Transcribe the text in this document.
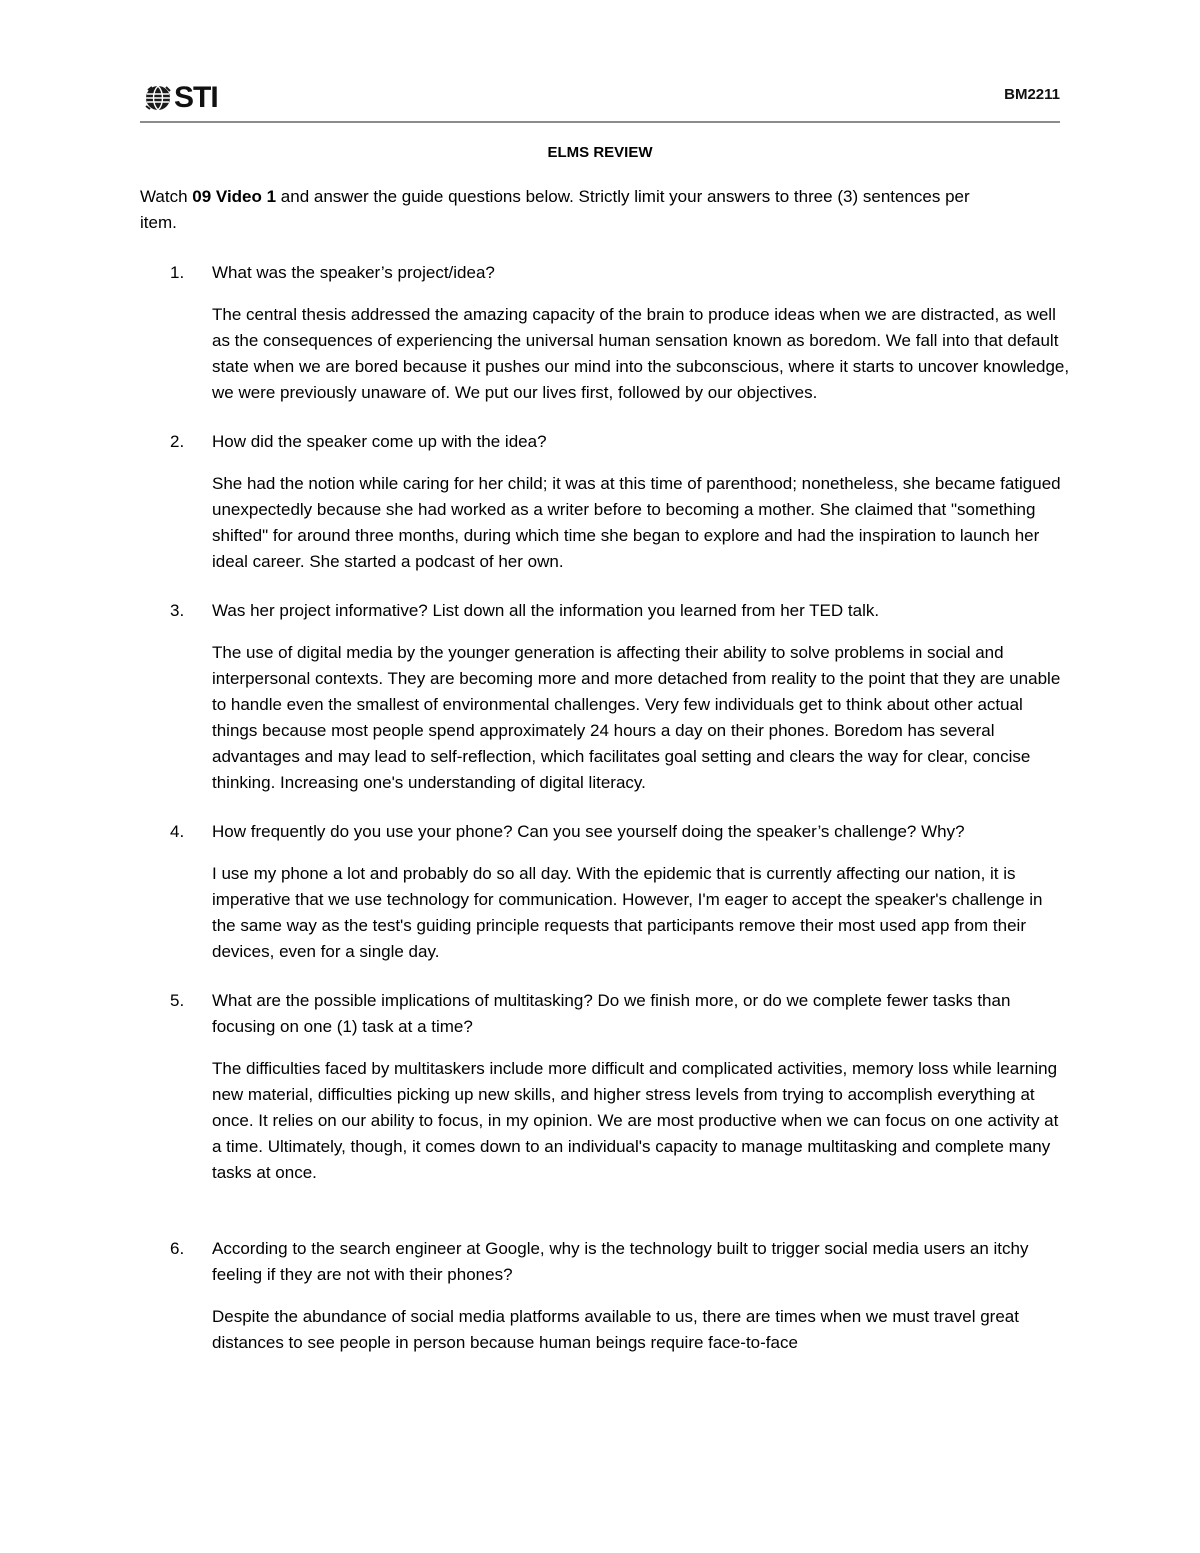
STI	BM2211
ELMS REVIEW

Watch 09 Video 1 and answer the guide questions below. Strictly limit your answers to three (3) sentences per item.

1. What was the speaker’s project/idea?

The central thesis addressed the amazing capacity of the brain to produce ideas when we are distracted, as well as the consequences of experiencing the universal human sensation known as boredom. We fall into that default state when we are bored because it pushes our mind into the subconscious, where it starts to uncover knowledge, we were previously unaware of. We put our lives first, followed by our objectives.

2. How did the speaker come up with the idea?

She had the notion while caring for her child; it was at this time of parenthood; nonetheless, she became fatigued unexpectedly because she had worked as a writer before to becoming a mother. She claimed that "something shifted" for around three months, during which time she began to explore and had the inspiration to launch her ideal career. She started a podcast of her own.

3. Was her project informative? List down all the information you learned from her TED talk.

The use of digital media by the younger generation is affecting their ability to solve problems in social and interpersonal contexts. They are becoming more and more detached from reality to the point that they are unable to handle even the smallest of environmental challenges. Very few individuals get to think about other actual things because most people spend approximately 24 hours a day on their phones. Boredom has several advantages and may lead to self-reflection, which facilitates goal setting and clears the way for clear, concise thinking. Increasing one's understanding of digital literacy.

4. How frequently do you use your phone? Can you see yourself doing the speaker’s challenge? Why?

I use my phone a lot and probably do so all day. With the epidemic that is currently affecting our nation, it is imperative that we use technology for communication. However, I'm eager to accept the speaker's challenge in the same way as the test's guiding principle requests that participants remove their most used app from their devices, even for a single day.

5. What are the possible implications of multitasking? Do we finish more, or do we complete fewer tasks than focusing on one (1) task at a time?

The difficulties faced by multitaskers include more difficult and complicated activities, memory loss while learning new material, difficulties picking up new skills, and higher stress levels from trying to accomplish everything at once. It relies on our ability to focus, in my opinion. We are most productive when we can focus on one activity at a time. Ultimately, though, it comes down to an individual's capacity to manage multitasking and complete many tasks at once.

6. According to the search engineer at Google, why is the technology built to trigger social media users an itchy feeling if they are not with their phones?

Despite the abundance of social media platforms available to us, there are times when we must travel great distances to see people in person because human beings require face-to-face
